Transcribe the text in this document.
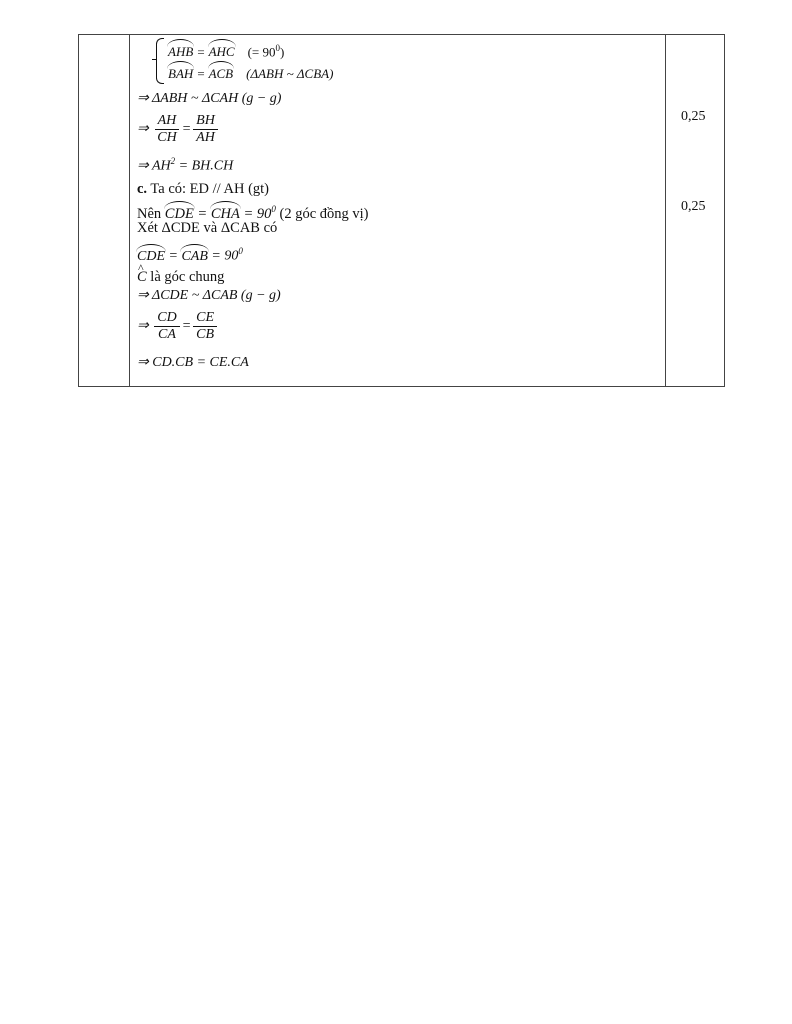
AHB = AHC (= $90^0$)
BAH = ACB (ΔABH ~ ΔCBA)
⇒ ΔABH ~ ΔCAH (g − g)
⇒ $\frac{AH}{CH} = \frac{BH}{AH}$
⇒ $AH^2 = BH.CH$
c. Ta có: ED // AH (gt)
Nên CDE = CHA = $90^0$ (2 góc đồng vị)
Xét ΔCDE và ΔCAB có
CDE = CAB = $90^0$
^ C là góc chung
⇒ ΔCDE ~ ΔCAB (g − g)
⇒ $\frac{CD}{CA} = \frac{CE}{CB}$
⇒ CD.CB = CE.CA
0,25
0,25
